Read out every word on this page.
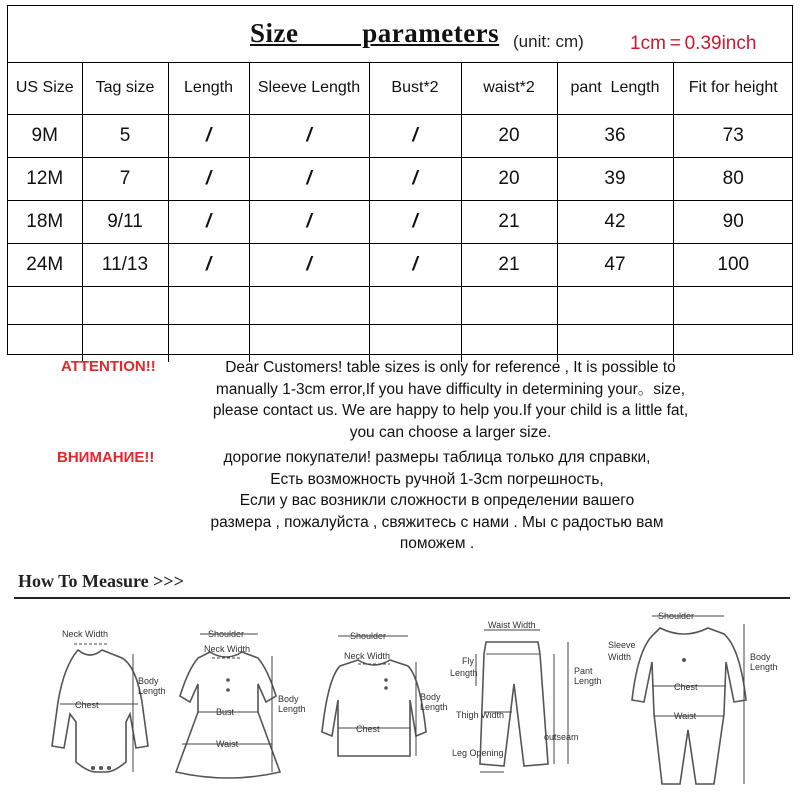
Size   parameters (unit: cm) 1cm = 0.39inch
US Size	Tag size	Length	Sleeve Length	Bust*2	waist*2	pant  Length	Fit for height
9M	5	/	/	/	20	36	73
12M	7	/	/	/	20	39	80
18M	9/11	/	/	/	21	42	90
24M	11/13	/	/	/	21	47	100

ATTENTION!!	Dear Customers! table sizes is only for reference , It is possible to
manually 1-3cm error,If you have difficulty in determining your。size,
please contact us. We are happy to help you.If your child is a little fat,
you can choose a larger size.
ВНИМАНИЕ!!	дорогие покупатели! размеры таблица только для справки,
Есть возможность ручной 1-3cm погрешность,
Если у вас возникли сложности в определении вашего
размера , пожалуйста , свяжитесь с нами . Мы с радостью вам
поможем .
How To Measure >>>
Neck Width
Chest
Body
Length
Shoulder
Neck Width
Bust
Waist
Body
Length
Shoulder
Neck Width
Chest
Body
Length
Waist Width
Fly
Length	Pant
Length
Thigh Width
outseam
Leg Opening
Shoulder
Sleeve
Width
Chest
Waist
Body
Length
